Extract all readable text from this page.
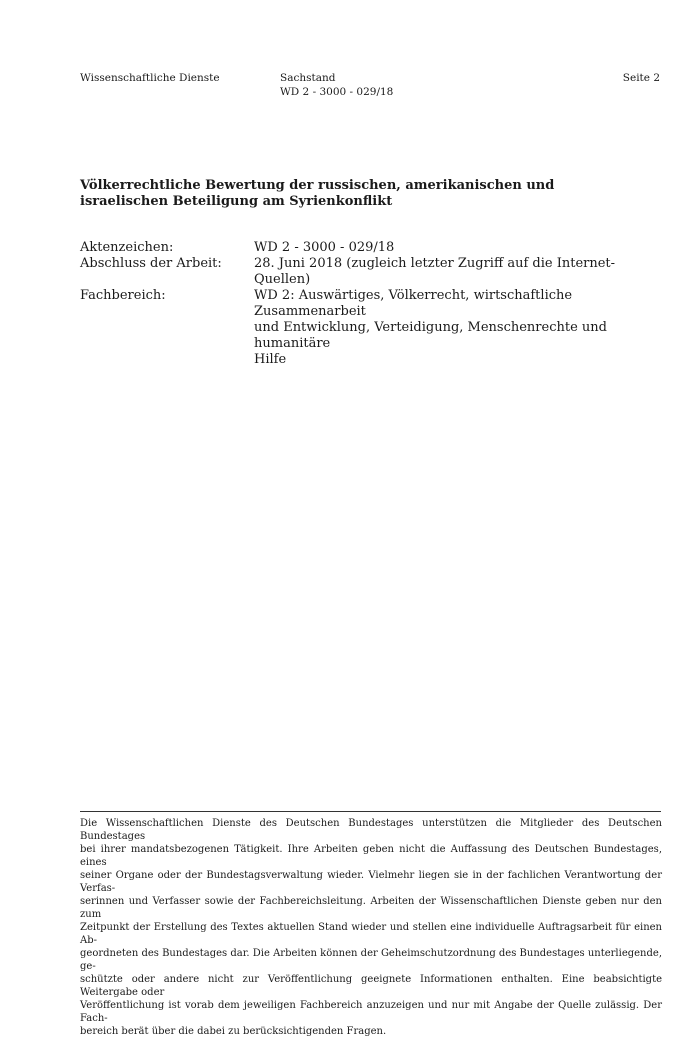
Wissenschaftliche Dienste	Sachstand
WD 2 - 3000 - 029/18
Seite 2
Völkerrechtliche Bewertung der russischen, amerikanischen und
israelischen Beteiligung am Syrienkonflikt
Aktenzeichen:	WD 2 - 3000 - 029/18
Abschluss der Arbeit:	28. Juni 2018 (zugleich letzter Zugriff auf die Internet-Quellen)
Fachbereich:	WD 2: Auswärtiges, Völkerrecht, wirtschaftliche Zusammenarbeit
und Entwicklung, Verteidigung, Menschenrechte und humanitäre
Hilfe
Die Wissenschaftlichen Dienste des Deutschen Bundestages unterstützen die Mitglieder des Deutschen Bundestages
bei ihrer mandatsbezogenen Tätigkeit. Ihre Arbeiten geben nicht die Auffassung des Deutschen Bundestages, eines
seiner Organe oder der Bundestagsverwaltung wieder. Vielmehr liegen sie in der fachlichen Verantwortung der Verfas-
serinnen und Verfasser sowie der Fachbereichsleitung. Arbeiten der Wissenschaftlichen Dienste geben nur den zum
Zeitpunkt der Erstellung des Textes aktuellen Stand wieder und stellen eine individuelle Auftragsarbeit für einen Ab-
geordneten des Bundestages dar. Die Arbeiten können der Geheimschutzordnung des Bundestages unterliegende, ge-
schützte oder andere nicht zur Veröffentlichung geeignete Informationen enthalten. Eine beabsichtigte Weitergabe oder
Veröffentlichung ist vorab dem jeweiligen Fachbereich anzuzeigen und nur mit Angabe der Quelle zulässig. Der Fach-
bereich berät über die dabei zu berücksichtigenden Fragen.
